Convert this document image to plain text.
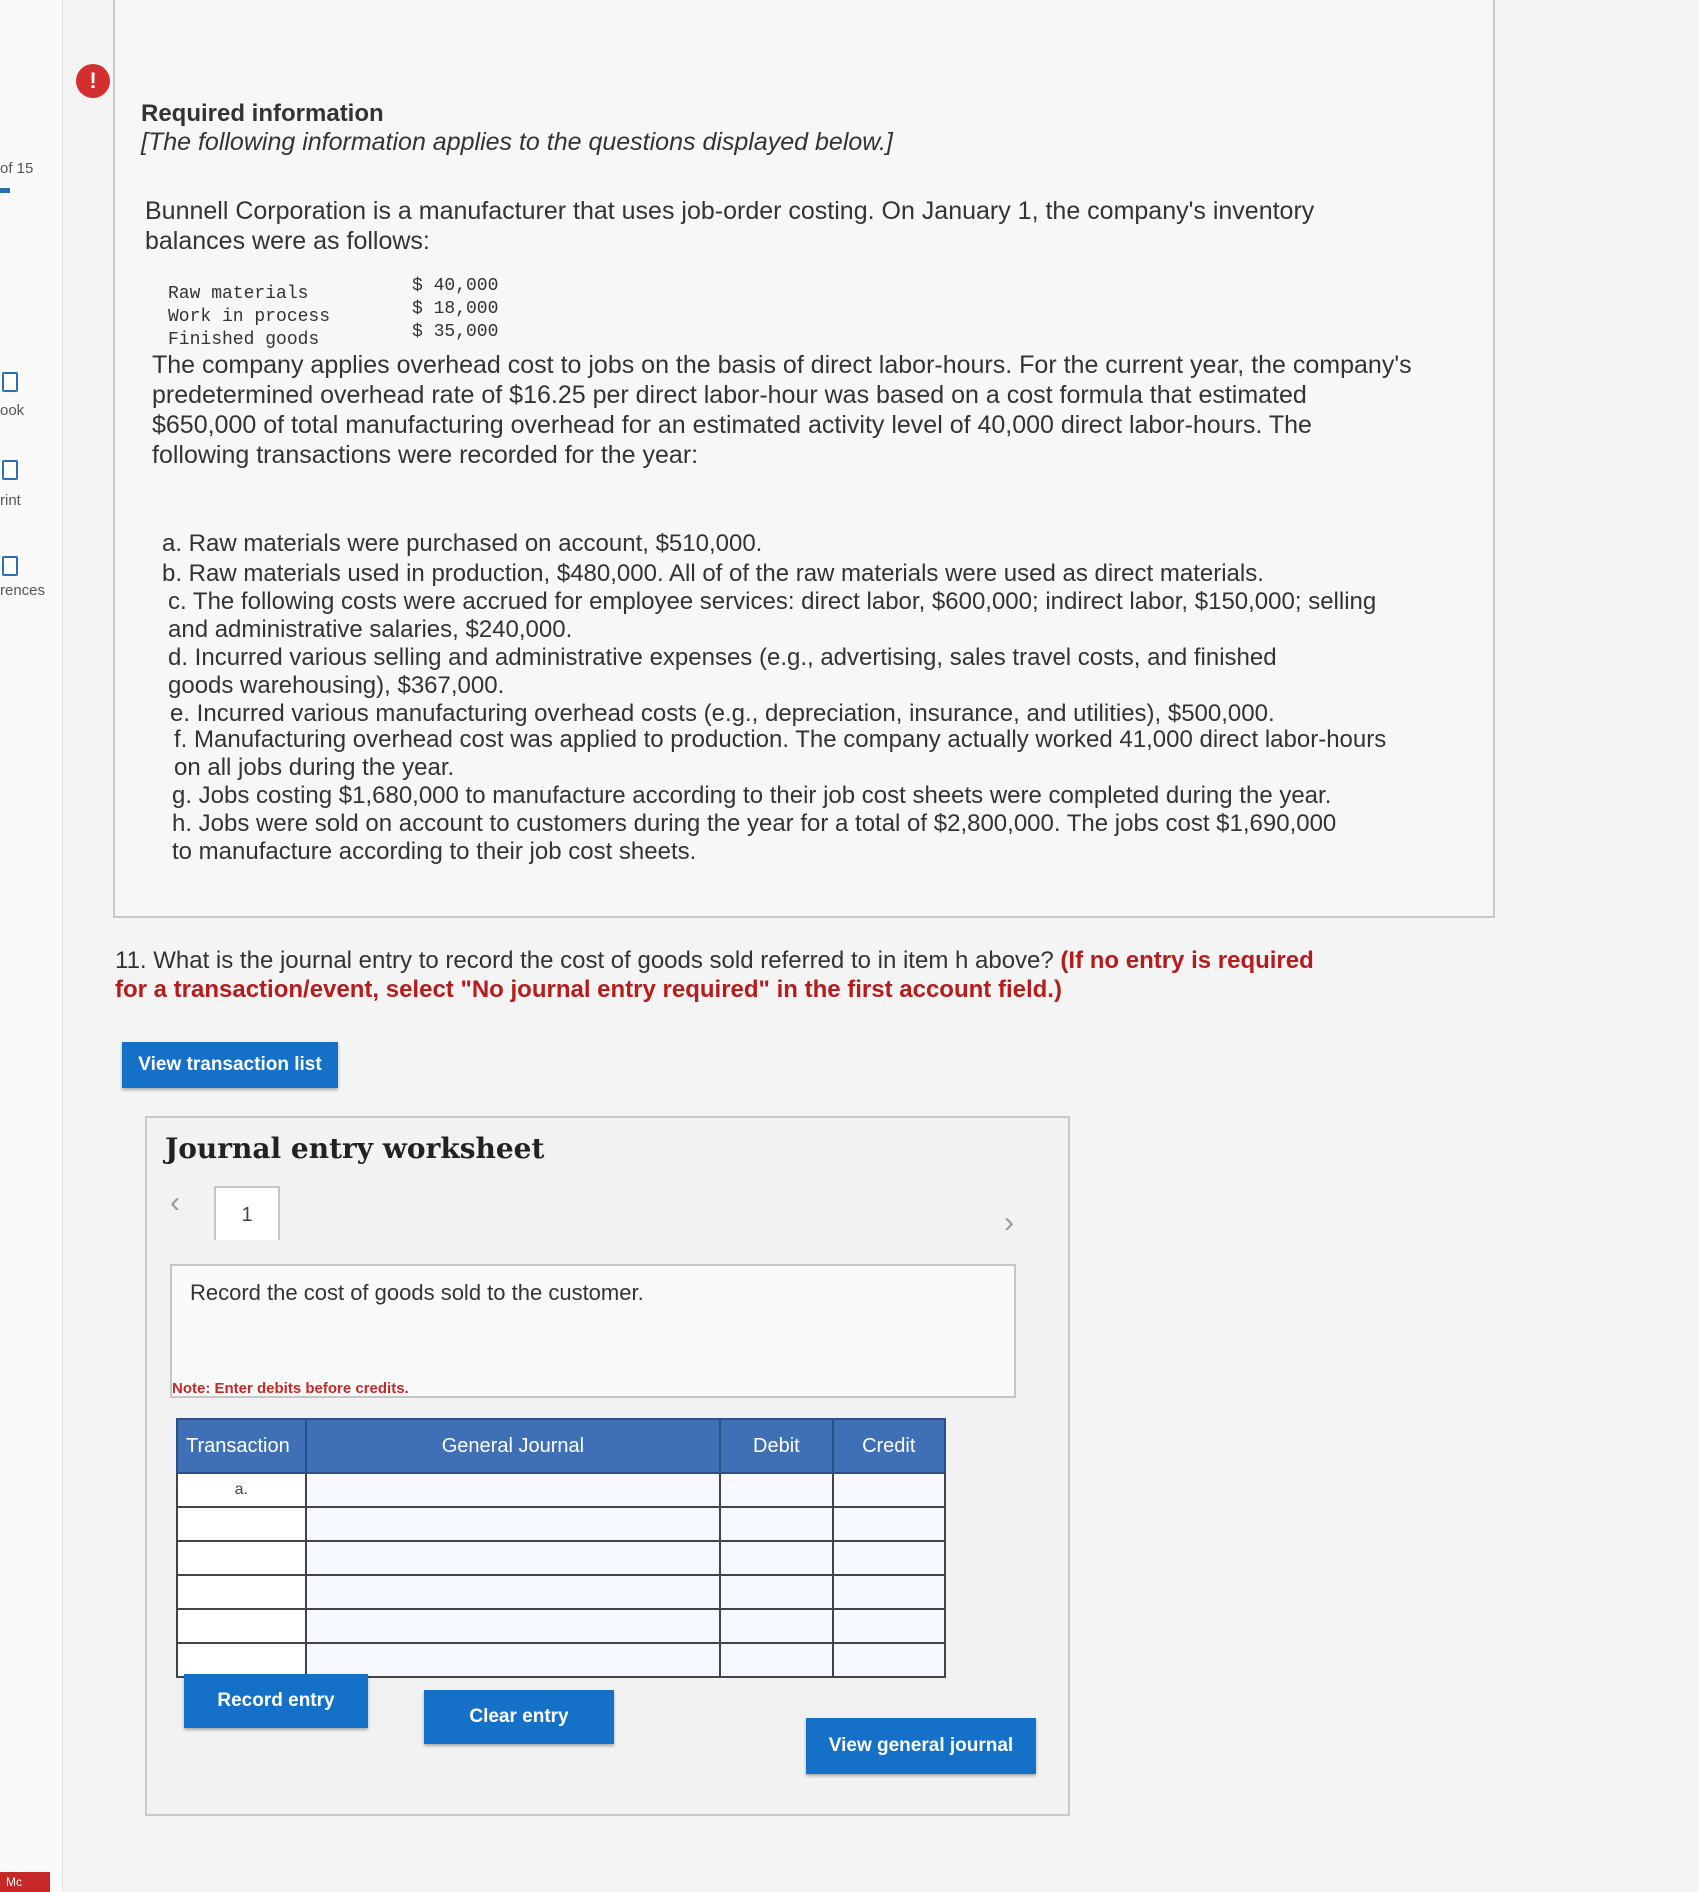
of 15
ook
rint
rences
Mc
!
Required information
[The following information applies to the questions displayed below.]
Bunnell Corporation is a manufacturer that uses job-order costing. On January 1, the company's inventory balances were as follows:
Raw materials	$ 40,000
Work in process	$ 18,000
Finished goods	$ 35,000
The company applies overhead cost to jobs on the basis of direct labor-hours. For the current year, the company's predetermined overhead rate of $16.25 per direct labor-hour was based on a cost formula that estimated $650,000 of total manufacturing overhead for an estimated activity level of 40,000 direct labor-hours. The following transactions were recorded for the year:
a. Raw materials were purchased on account, $510,000.
b. Raw materials used in production, $480,000. All of of the raw materials were used as direct materials.
c. The following costs were accrued for employee services: direct labor, $600,000; indirect labor, $150,000; selling and administrative salaries, $240,000.
d. Incurred various selling and administrative expenses (e.g., advertising, sales travel costs, and finished goods warehousing), $367,000.
e. Incurred various manufacturing overhead costs (e.g., depreciation, insurance, and utilities), $500,000.
f. Manufacturing overhead cost was applied to production. The company actually worked 41,000 direct labor-hours on all jobs during the year.
g. Jobs costing $1,680,000 to manufacture according to their job cost sheets were completed during the year.
h. Jobs were sold on account to customers during the year for a total of $2,800,000. The jobs cost $1,690,000 to manufacture according to their job cost sheets.
11. What is the journal entry to record the cost of goods sold referred to in item h above? (If no entry is required for a transaction/event, select "No journal entry required" in the first account field.)
View transaction list
Journal entry worksheet
‹	1	›
Record the cost of goods sold to the customer.
Note: Enter debits before credits.
Transaction	General Journal	Debit	Credit
a.			

Record entry
Clear entry
View general journal
